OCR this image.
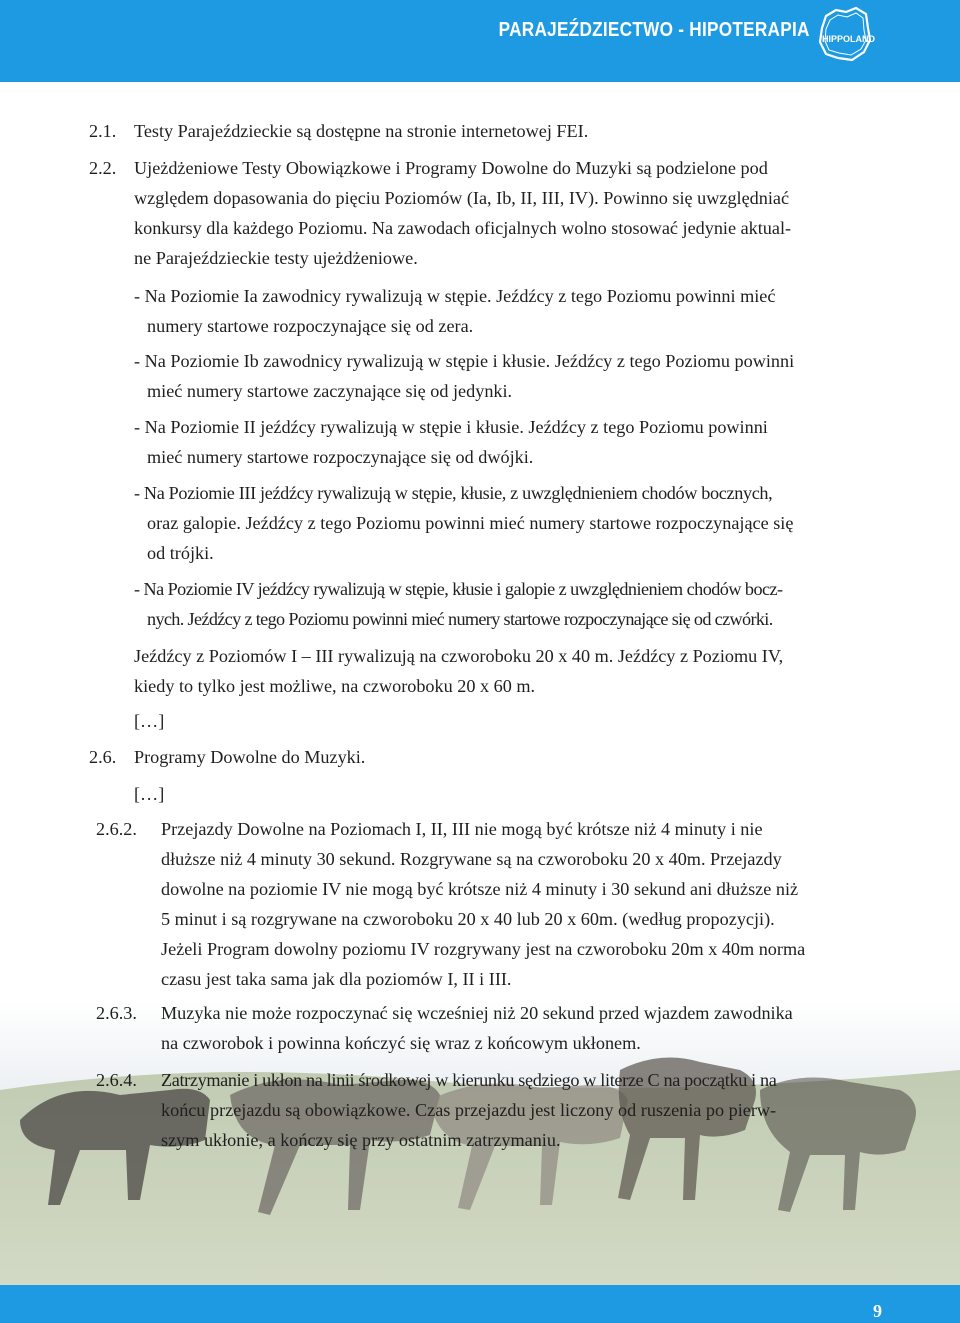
PARAJEŹDZIECTWO - HIPOTERAPIA HIPPOLAND
9
2.1. Testy Parajeździeckie są dostępne na stronie internetowej FEI.
2.2. Ujeżdżeniowe Testy Obowiązkowe i Programy Dowolne do Muzyki są podzielone pod
względem dopasowania do pięciu Poziomów (Ia, Ib, II, III, IV). Powinno się uwzględniać
konkursy dla każdego Poziomu. Na zawodach oficjalnych wolno stosować jedynie aktual-
ne Parajeździeckie testy ujeżdżeniowe.
- Na Poziomie Ia zawodnicy rywalizują w stępie. Jeźdźcy z tego Poziomu powinni mieć
numery startowe rozpoczynające się od zera.
- Na Poziomie Ib zawodnicy rywalizują w stępie i kłusie. Jeźdźcy z tego Poziomu powinni
mieć numery startowe zaczynające się od jedynki.
- Na Poziomie II jeźdźcy rywalizują w stępie i kłusie. Jeźdźcy z tego Poziomu powinni
mieć numery startowe rozpoczynające się od dwójki.
- Na Poziomie III jeźdźcy rywalizują w stępie, kłusie, z uwzględnieniem chodów bocznych,
oraz galopie. Jeźdźcy z tego Poziomu powinni mieć numery startowe rozpoczynające się
od trójki.
- Na Poziomie IV jeźdźcy rywalizują w stępie, kłusie i galopie z uwzględnieniem chodów bocz-
nych. Jeźdźcy z tego Poziomu powinni mieć numery startowe rozpoczynające się od czwórki.
Jeźdźcy z Poziomów I – III rywalizują na czworoboku 20 x 40 m. Jeźdźcy z Poziomu IV,
kiedy to tylko jest możliwe, na czworoboku 20 x 60 m.
[…]
2.6. Programy Dowolne do Muzyki.
[…]
2.6.2. Przejazdy Dowolne na Poziomach I, II, III nie mogą być krótsze niż 4 minuty i nie
dłuższe niż 4 minuty 30 sekund. Rozgrywane są na czworoboku 20 x 40m. Przejazdy
dowolne na poziomie IV nie mogą być krótsze niż 4 minuty i 30 sekund ani dłuższe niż
5 minut i są rozgrywane na czworoboku 20 x 40 lub 20 x 60m. (według propozycji).
Jeżeli Program dowolny poziomu IV rozgrywany jest na czworoboku 20m x 40m norma
czasu jest taka sama jak dla poziomów I, II i III.
2.6.3. Muzyka nie może rozpoczynać się wcześniej niż 20 sekund przed wjazdem zawodnika
na czworobok i powinna kończyć się wraz z końcowym ukłonem.
2.6.4. Zatrzymanie i ukłon na linii środkowej w kierunku sędziego w literze C na początku i na
końcu przejazdu są obowiązkowe. Czas przejazdu jest liczony od ruszenia po pierw-
szym ukłonie, a kończy się przy ostatnim zatrzymaniu.
